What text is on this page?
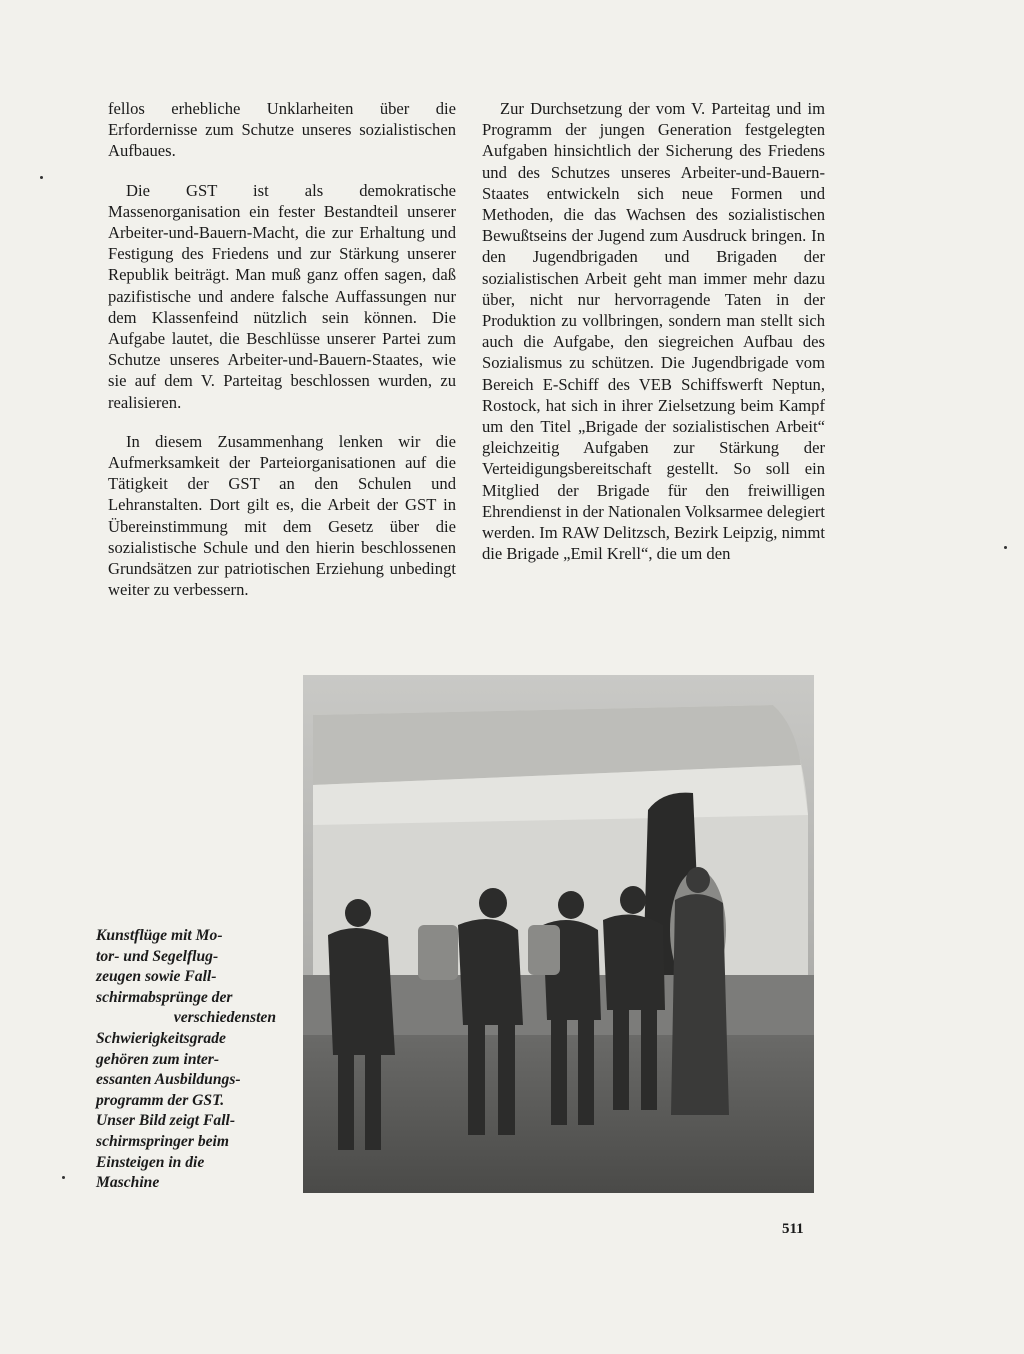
fellos erhebliche Unklarheiten über die Erfordernisse zum Schutze unseres sozialistischen Aufbaues.

Die GST ist als demokratische Massenorganisation ein fester Bestandteil unserer Arbeiter-und-Bauern-Macht, die zur Erhaltung und Festigung des Friedens und zur Stärkung unserer Republik beiträgt. Man muß ganz offen sagen, daß pazifistische und andere falsche Auffassungen nur dem Klassenfeind nützlich sein können. Die Aufgabe lautet, die Beschlüsse unserer Partei zum Schutze unseres Arbeiter-und-Bauern-Staates, wie sie auf dem V. Parteitag beschlossen wurden, zu realisieren.

In diesem Zusammenhang lenken wir die Aufmerksamkeit der Parteiorganisationen auf die Tätigkeit der GST an den Schulen und Lehranstalten. Dort gilt es, die Arbeit der GST in Übereinstimmung mit dem Gesetz über die sozialistische Schule und den hierin beschlossenen Grundsätzen zur patriotischen Erziehung unbedingt weiter zu verbessern.

Zur Durchsetzung der vom V. Parteitag und im Programm der jungen Generation festgelegten Aufgaben hinsichtlich der Sicherung des Friedens und des Schutzes unseres Arbeiter-und-Bauern-Staates entwickeln sich neue Formen und Methoden, die das Wachsen des sozialistischen Bewußtseins der Jugend zum Ausdruck bringen. In den Jugendbrigaden und Brigaden der sozialistischen Arbeit geht man immer mehr dazu über, nicht nur hervorragende Taten in der Produktion zu vollbringen, sondern man stellt sich auch die Aufgabe, den siegreichen Aufbau des Sozialismus zu schützen. Die Jugendbrigade vom Bereich E-Schiff des VEB Schiffswerft Neptun, Rostock, hat sich in ihrer Zielsetzung beim Kampf um den Titel „Brigade der sozialistischen Arbeit“ gleichzeitig Aufgaben zur Stärkung der Verteidigungsbereitschaft gestellt. So soll ein Mitglied der Brigade für den freiwilligen Ehrendienst in der Nationalen Volksarmee delegiert werden. Im RAW Delitzsch, Bezirk Leipzig, nimmt die Brigade „Emil Krell“, die um den

Kunstflüge mit Mo-
tor- und Segelflug-
zeugen sowie Fall-
schirmabsprünge der
verschiedensten
Schwierigkeitsgrade
gehören zum inter-
essanten Ausbildungs-
programm der GST.
Unser Bild zeigt Fall-
schirmspringer beim
Einsteigen in die
Maschine
511
